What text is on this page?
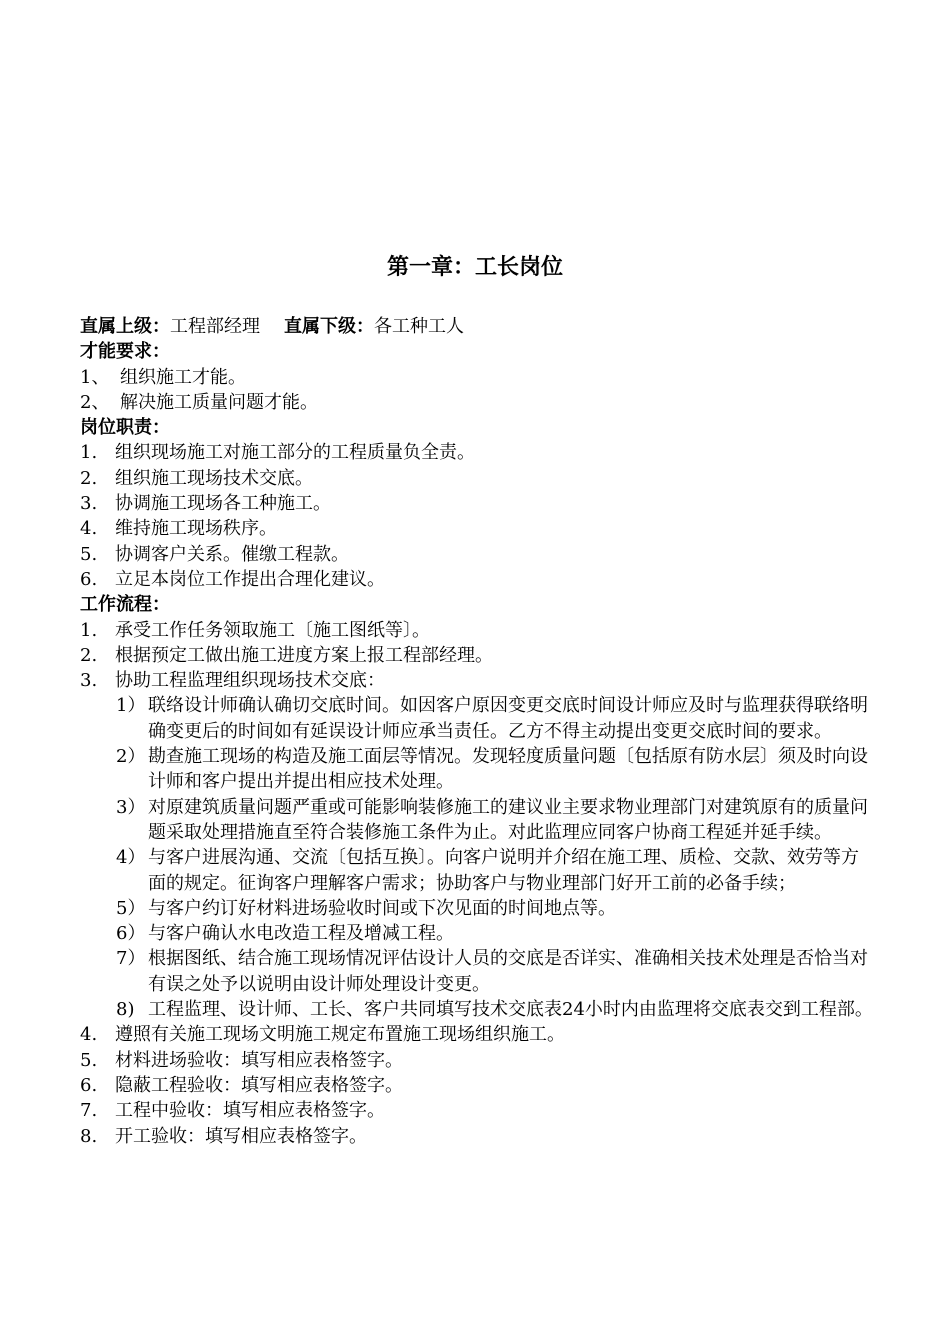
第一章：工长岗位
直属上级：工程部经理 直属下级：各工种工人
才能要求：
1、 组织施工才能。
2、 解决施工质量问题才能。
岗位职责：
1. 组织现场施工对施工部分的工程质量负全责。
2. 组织施工现场技术交底。
3. 协调施工现场各工种施工。
4. 维持施工现场秩序。
5. 协调客户关系。催缴工程款。
6. 立足本岗位工作提出合理化建议。
工作流程：
1. 承受工作任务领取施工〔施工图纸等〕。
2. 根据预定工做出施工进度方案上报工程部经理。
3. 协助工程监理组织现场技术交底：
1） 联络设计师确认确切交底时间。如因客户原因变更交底时间设计师应及时与监理获得联络明确变更后的时间如有延误设计师应承当责任。乙方不得主动提出变更交底时间的要求。
2） 勘查施工现场的构造及施工面层等情况。发现轻度质量问题〔包括原有防水层〕须及时向设计师和客户提出并提出相应技术处理。
3） 对原建筑质量问题严重或可能影响装修施工的建议业主要求物业理部门对建筑原有的质量问题采取处理措施直至符合装修施工条件为止。对此监理应同客户协商工程延并延手续。
4） 与客户进展沟通、交流〔包括互换〕。向客户说明并介绍在施工理、质检、交款、效劳等方面的规定。征询客户理解客户需求；协助客户与物业理部门好开工前的必备手续；
5） 与客户约订好材料进场验收时间或下次见面的时间地点等。
6） 与客户确认水电改造工程及增减工程。
7） 根据图纸、结合施工现场情况评估设计人员的交底是否详实、准确相关技术处理是否恰当对有误之处予以说明由设计师处理设计变更。
8) 工程监理、设计师、工长、客户共同填写技术交底表24小时内由监理将交底表交到工程部。
4. 遵照有关施工现场文明施工规定布置施工现场组织施工。
5. 材料进场验收：填写相应表格签字。
6. 隐蔽工程验收：填写相应表格签字。
7. 工程中验收：填写相应表格签字。
8. 开工验收：填写相应表格签字。
